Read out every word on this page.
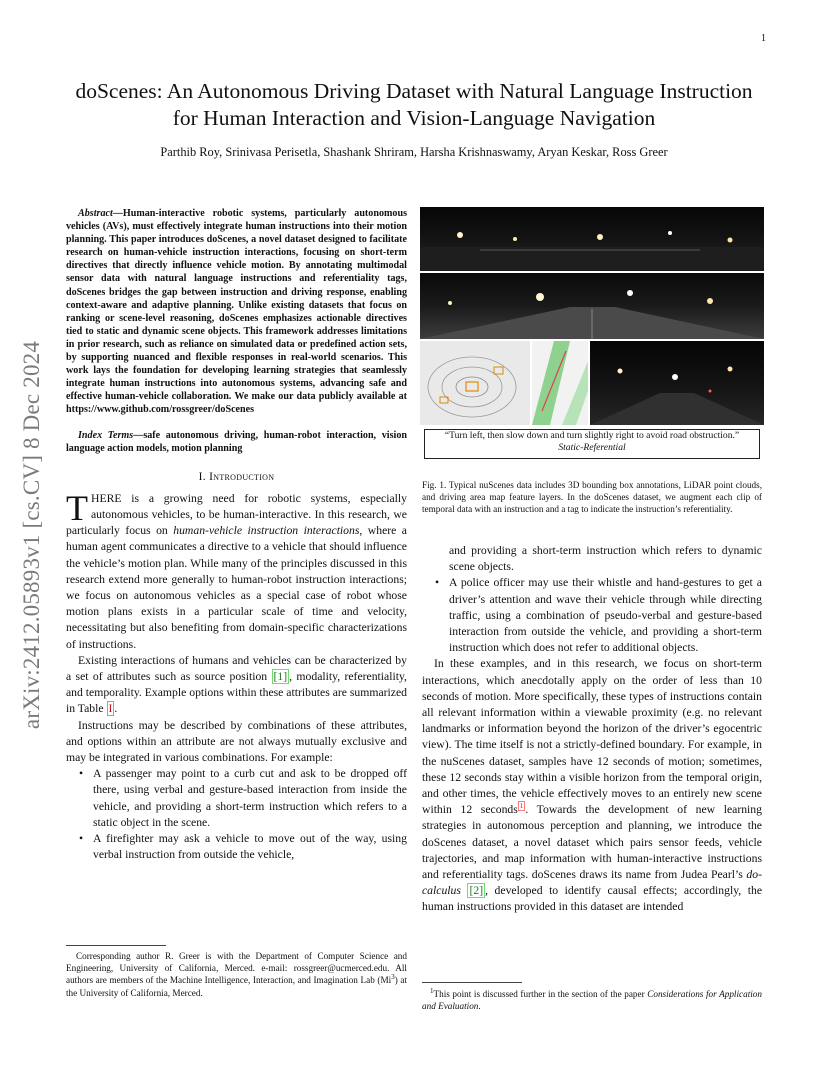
1
arXiv:2412.05893v1 [cs.CV] 8 Dec 2024
doScenes: An Autonomous Driving Dataset with Natural Language Instruction for Human Interaction and Vision-Language Navigation
Parthib Roy, Srinivasa Perisetla, Shashank Shriram, Harsha Krishnaswamy, Aryan Keskar, Ross Greer

Abstract—Human-interactive robotic systems, particularly autonomous vehicles (AVs), must effectively integrate human instructions into their motion planning. This paper introduces doScenes, a novel dataset designed to facilitate research on human-vehicle instruction interactions, focusing on short-term directives that directly influence vehicle motion. By annotating multimodal sensor data with natural language instructions and referentiality tags, doScenes bridges the gap between instruction and driving response, enabling context-aware and adaptive planning. Unlike existing datasets that focus on ranking or scene-level reasoning, doScenes emphasizes actionable directives tied to static and dynamic scene objects. This framework addresses limitations in prior research, such as reliance on simulated data or predefined action sets, by supporting nuanced and flexible responses in real-world scenarios. This work lays the foundation for developing learning strategies that seamlessly integrate human instructions into autonomous systems, advancing safe and effective human-vehicle collaboration. We make our data publicly available at https://www.github.com/rossgreer/doScenes

Index Terms—safe autonomous driving, human-robot interaction, vision language action models, motion planning

I. Introduction

THERE is a growing need for robotic systems, especially autonomous vehicles, to be human-interactive. In this research, we particularly focus on human-vehicle instruction interactions, where a human agent communicates a directive to a vehicle that should influence the vehicle’s motion plan. While many of the principles discussed in this research extend more generally to human-robot instruction interactions; we focus on autonomous vehicles as a special case of robot whose motion plans exists in a particular scale of time and velocity, necessitating but also benefiting from domain-specific characterizations of instructions.

Existing interactions of humans and vehicles can be characterized by a set of attributes such as source position [1] , modality, referentiality, and temporality. Example options within these attributes are summarized in Table I .

Instructions may be described by combinations of these attributes, and options within an attribute are not always mutually exclusive and may be integrated in various combinations. For example:

• A passenger may point to a curb cut and ask to be dropped off there, using verbal and gesture-based interaction from inside the vehicle, and providing a short-term instruction which refers to a static object in the scene.
• A firefighter may ask a vehicle to move out of the way, using verbal instruction from outside the vehicle,
Corresponding author R. Greer is with the Department of Computer Science and Engineering, University of California, Merced. e-mail: rossgreer@ucmerced.edu. All authors are members of the Machine Intelligence, Interaction, and Imagination Lab (Mi$^3$) at the University of California, Merced.
“Turn left, then slow down and turn slightly right to avoid road obstruction.”
Static-Referential

Fig. 1. Typical nuScenes data includes 3D bounding box annotations, LiDAR point clouds, and driving area map feature layers. In the doScenes dataset, we augment each clip of temporal data with an instruction and a tag to indicate the instruction’s referentiality.

and providing a short-term instruction which refers to dynamic scene objects.
• A police officer may use their whistle and hand-gestures to get a driver’s attention and wave their vehicle through while directing traffic, using a combination of pseudo-verbal and gesture-based interaction from outside the vehicle, and providing a short-term instruction which does not refer to additional objects.

In these examples, and in this research, we focus on short-term interactions, which anecdotally apply on the order of less than 10 seconds of motion. More specifically, these types of instructions contain all relevant information within a viewable proximity (e.g. no relevant landmarks or information beyond the horizon of the driver’s egocentric view). The time itself is not a strictly-defined boundary. For example, in the nuScenes dataset, samples have 12 seconds of motion; sometimes, these 12 seconds stay within a visible horizon from the temporal origin, and other times, the vehicle effectively moves to an entirely new scene within 12 seconds $^1$ . Towards the development of new learning strategies in autonomous perception and planning, we introduce the doScenes dataset, a novel dataset which pairs sensor feeds, vehicle trajectories, and map information with human-interactive instructions and referentiality tags. doScenes draws its name from Judea Pearl’s do-calculus [2] , developed to identify causal effects; accordingly, the human instructions provided in this dataset are intended

$^1$This point is discussed further in the section of the paper Considerations for Application and Evaluation.
